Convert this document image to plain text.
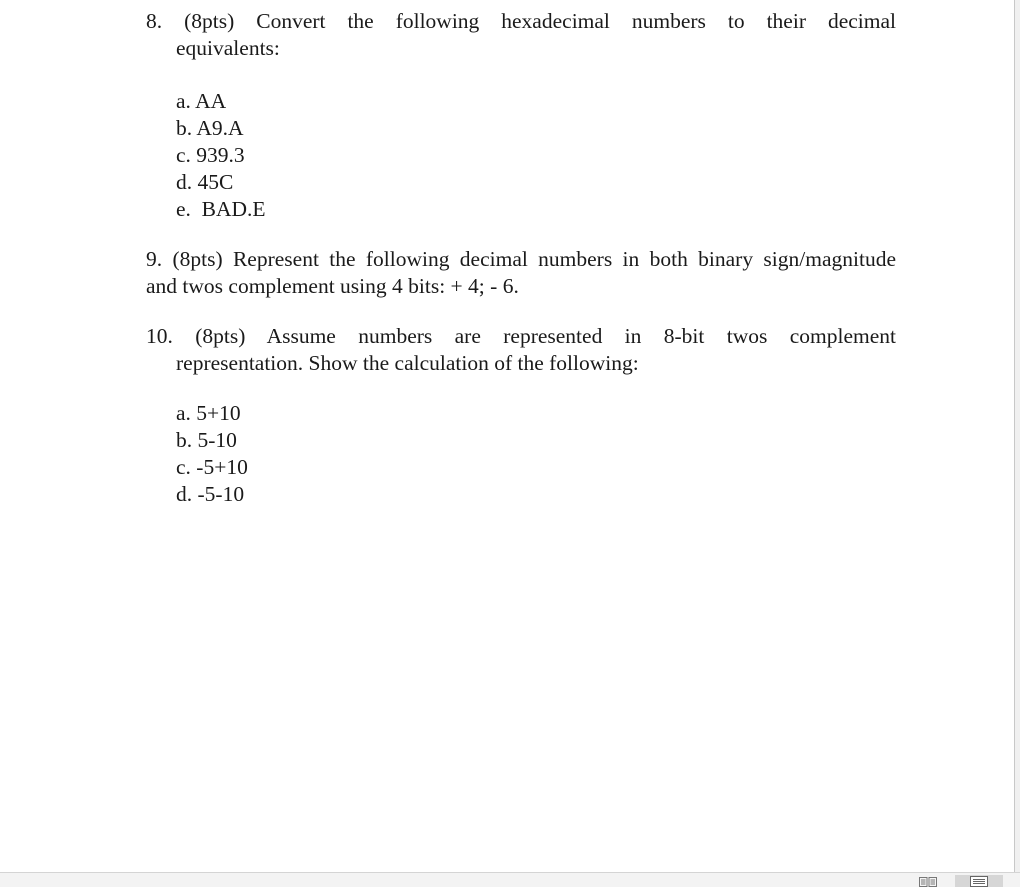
8. (8pts) Convert the following hexadecimal numbers to their decimal
equivalents:
a. AA
b. A9.A
c. 939.3
d. 45C
e.  BAD.E
9. (8pts) Represent the following decimal numbers in both binary sign/magnitude
and twos complement using 4 bits: + 4; - 6.
10. (8pts) Assume numbers are represented in 8-bit twos complement
representation. Show the calculation of the following:
a. 5+10
b. 5-10
c. -5+10
d. -5-10
